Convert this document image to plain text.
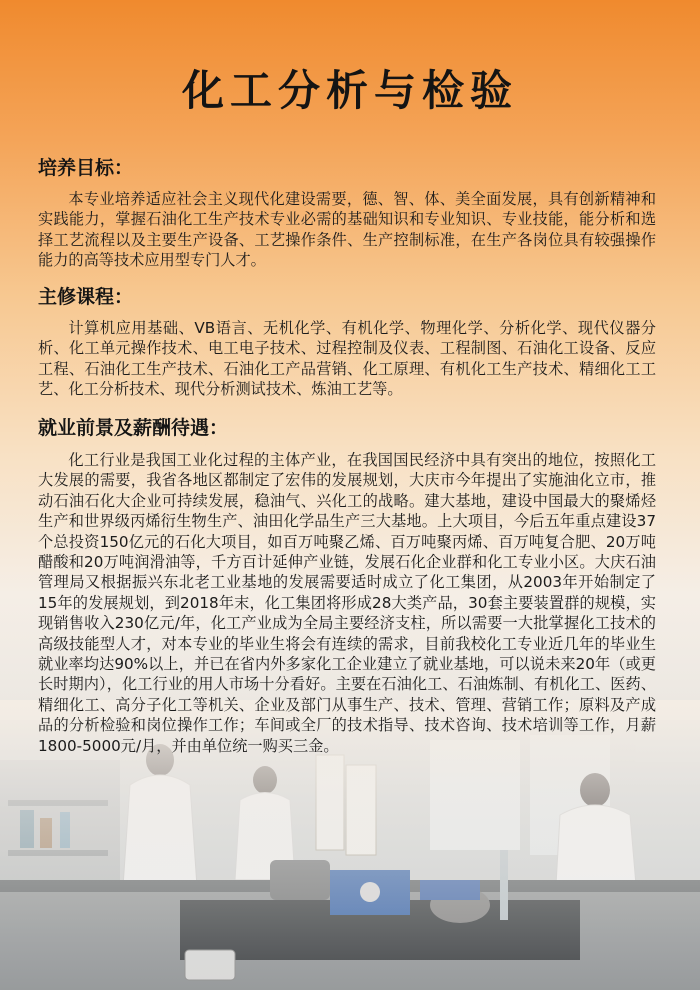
化工分析与检验
培养目标：

本专业培养适应社会主义现代化建设需要，德、智、体、美全面发展，具有创新精神和实践能力，掌握石油化工生产技术专业必需的基础知识和专业知识、专业技能，能分析和选择工艺流程以及主要生产设备、工艺操作条件、生产控制标准，在生产各岗位具有较强操作能力的高等技术应用型专门人才。

主修课程：

计算机应用基础、VB语言、无机化学、有机化学、物理化学、分析化学、现代仪器分析、化工单元操作技术、电工电子技术、过程控制及仪表、工程制图、石油化工设备、反应工程、石油化工生产技术、石油化工产品营销、化工原理、有机化工生产技术、精细化工工艺、化工分析技术、现代分析测试技术、炼油工艺等。

就业前景及薪酬待遇：

化工行业是我国工业化过程的主体产业，在我国国民经济中具有突出的地位，按照化工大发展的需要，我省各地区都制定了宏伟的发展规划，大庆市今年提出了实施油化立市，推动石油石化大企业可持续发展，稳油气、兴化工的战略。建大基地，建设中国最大的聚烯烃生产和世界级丙烯衍生物生产、油田化学品生产三大基地。上大项目，今后五年重点建设37个总投资150亿元的石化大项目，如百万吨聚乙烯、百万吨聚丙烯、百万吨复合肥、20万吨醋酸和20万吨润滑油等，千方百计延伸产业链，发展石化企业群和化工专业小区。大庆石油管理局又根据振兴东北老工业基地的发展需要适时成立了化工集团，从2003年开始制定了15年的发展规划，到2018年末，化工集团将形成28大类产品，30套主要装置群的规模，实现销售收入230亿元/年，化工产业成为全局主要经济支柱，所以需要一大批掌握化工技术的高级技能型人才，对本专业的毕业生将会有连续的需求，目前我校化工专业近几年的毕业生就业率均达90%以上，并已在省内外多家化工企业建立了就业基地，可以说未来20年（或更长时期内），化工行业的用人市场十分看好。主要在石油化工、石油炼制、有机化工、医药、精细化工、高分子化工等机关、企业及部门从事生产、技术、管理、营销工作；原料及产成品的分析检验和岗位操作工作；车间或全厂的技术指导、技术咨询、技术培训等工作，月薪1800-5000元/月，并由单位统一购买三金。
